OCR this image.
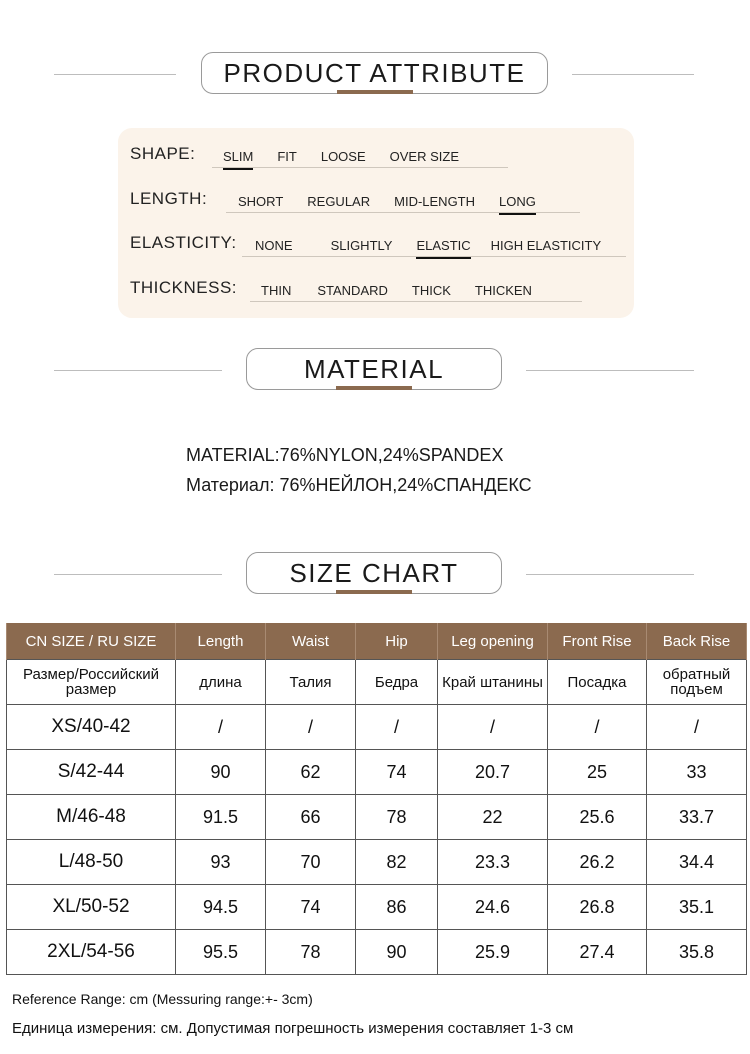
PRODUCT ATTRIBUTE
SHAPE: SLIM FIT LOOSE OVER SIZE
LENGTH: SHORT REGULAR MID-LENGTH LONG
ELASTICITY: NONE	SLIGHTLY ELASTIC HIGH ELASTICITY
THICKNESS: THIN STANDARD THICK THICKEN
MATERIAL
MATERIAL:76%NYLON,24%SPANDEX
Материал: 76%НЕЙЛОН,24%СПАНДЕКС
SIZE CHART
CN SIZE / RU SIZE	Length	Waist	Hip	Leg opening	Front Rise	Back Rise
Размер/Российский размер	длина	Талия	Бедра	Край штанины	Посадка	обратный подъем
XS/40-42	/	/	/	/	/	/
S/42-44	90	62	74	20.7	25	33
M/46-48	91.5	66	78	22	25.6	33.7
L/48-50	93	70	82	23.3	26.2	34.4
XL/50-52	94.5	74	86	24.6	26.8	35.1
2XL/54-56	95.5	78	90	25.9	27.4	35.8
Reference Range: cm (Messuring range:+- 3cm)
Единица измерения: см. Допустимая погрешность измерения составляет 1-3 см
